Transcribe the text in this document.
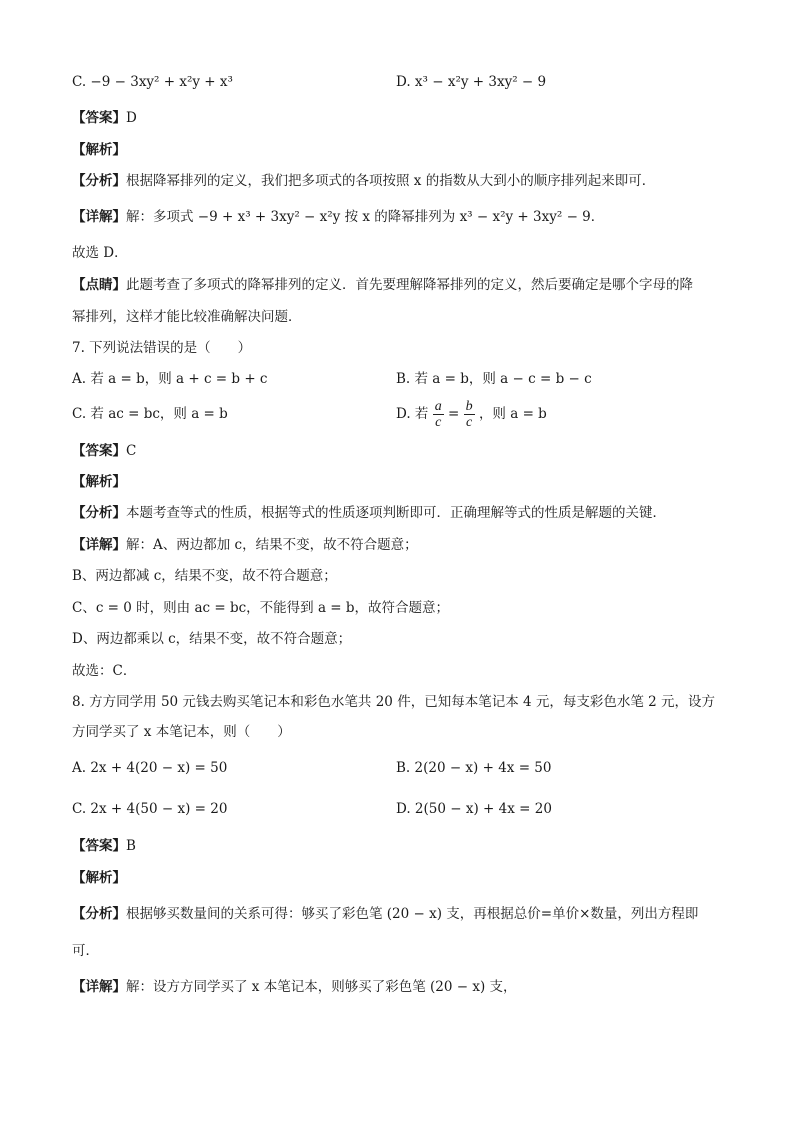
C. −9 − 3xy² + x²y + x³	D. x³ − x²y + 3xy² − 9
【答案】D
【解析】
【分析】根据降幂排列的定义，我们把多项式的各项按照 x 的指数从大到小的顺序排列起来即可．
【详解】解：多项式 −9 + x³ + 3xy² − x²y 按 x 的降幂排列为 x³ − x²y + 3xy² − 9．
故选 D．
【点睛】此题考查了多项式的降幂排列的定义．首先要理解降幂排列的定义，然后要确定是哪个字母的降
幂排列，这样才能比较准确解决问题．
7. 下列说法错误的是（　　）
A. 若 a = b，则 a + c = b + c	B. 若 a = b，则 a − c = b − c
C. 若 ac = bc，则 a = b	D. 若 $\frac{a}{c} = \frac{b}{c}$ ，则 a = b
【答案】C
【解析】
【分析】本题考查等式的性质，根据等式的性质逐项判断即可．正确理解等式的性质是解题的关键．
【详解】解：A、两边都加 c，结果不变，故不符合题意；
B、两边都减 c，结果不变，故不符合题意；
C、c = 0 时，则由 ac = bc，不能得到 a = b，故符合题意；
D、两边都乘以 c，结果不变，故不符合题意；
故选：C．
8. 方方同学用 50 元钱去购买笔记本和彩色水笔共 20 件，已知每本笔记本 4 元，每支彩色水笔 2 元，设方
方同学买了 x 本笔记本，则（　　）
A. 2x + 4(20 − x) = 50	B. 2(20 − x) + 4x = 50
C. 2x + 4(50 − x) = 20	D. 2(50 − x) + 4x = 20
【答案】B
【解析】
【分析】根据够买数量间的关系可得：够买了彩色笔 (20 − x) 支，再根据总价=单价×数量，列出方程即
可．
【详解】解：设方方同学买了 x 本笔记本，则够买了彩色笔 (20 − x) 支，
